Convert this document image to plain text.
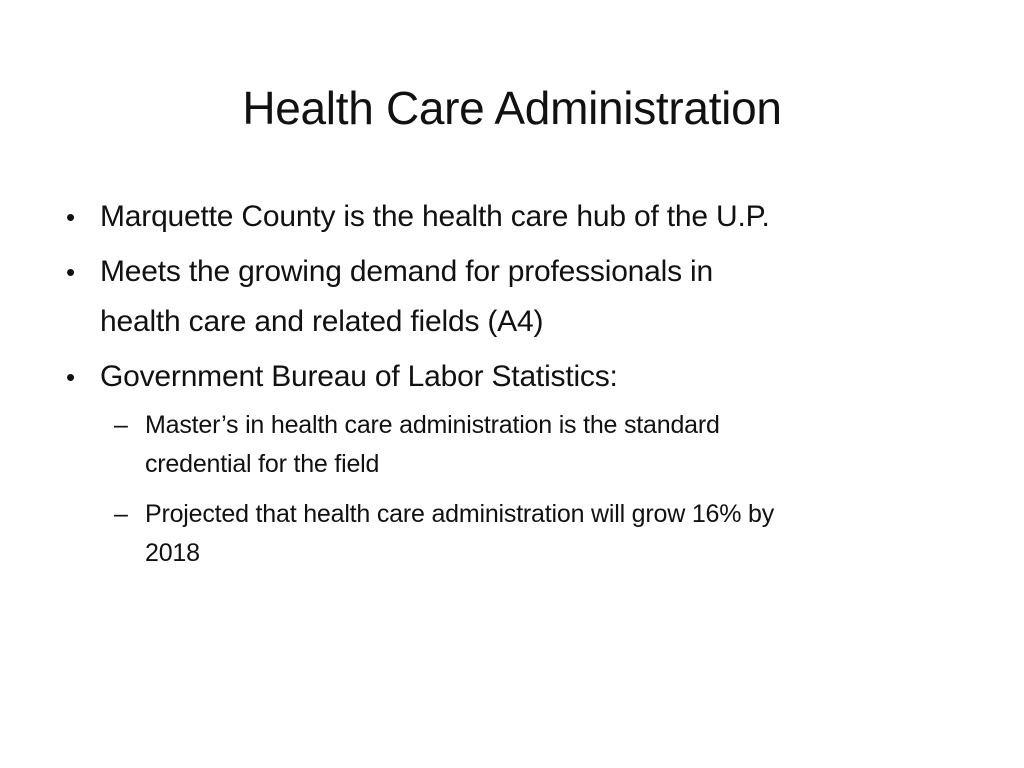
Health Care Administration
• Marquette County is the health care hub of the U.P.
• Meets the growing demand for professionals in
health care and related fields (A4)
• Government Bureau of Labor Statistics:
– Master’s in health care administration is the standard
credential for the field
– Projected that health care administration will grow 16% by
2018
